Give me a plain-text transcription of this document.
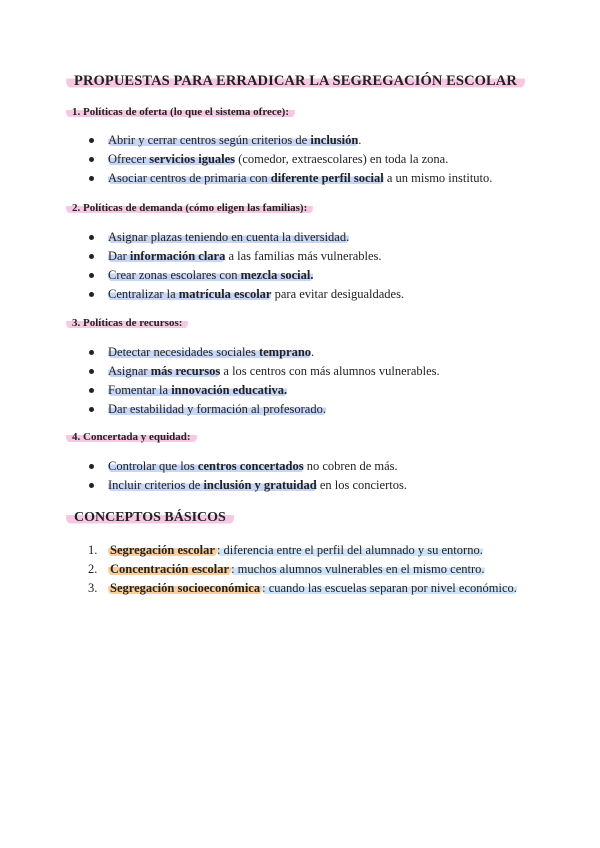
PROPUESTAS PARA ERRADICAR LA SEGREGACIÓN ESCOLAR
1. Políticas de oferta (lo que el sistema ofrece):
Abrir y cerrar centros según criterios de inclusión.
Ofrecer servicios iguales (comedor, extraescolares) en toda la zona.
Asociar centros de primaria con diferente perfil social a un mismo instituto.
2. Políticas de demanda (cómo eligen las familias):
Asignar plazas teniendo en cuenta la diversidad.
Dar información clara a las familias más vulnerables.
Crear zonas escolares con mezcla social.
Centralizar la matrícula escolar para evitar desigualdades.
3. Políticas de recursos:
Detectar necesidades sociales temprano.
Asignar más recursos a los centros con más alumnos vulnerables.
Fomentar la innovación educativa.
Dar estabilidad y formación al profesorado.
4. Concertada y equidad:
Controlar que los centros concertados no cobren de más.
Incluir criterios de inclusión y gratuidad en los conciertos.
CONCEPTOS BÁSICOS
1. Segregación escolar : diferencia entre el perfil del alumnado y su entorno.
2. Concentración escolar : muchos alumnos vulnerables en el mismo centro.
3. Segregación socioeconómica : cuando las escuelas separan por nivel económico.
